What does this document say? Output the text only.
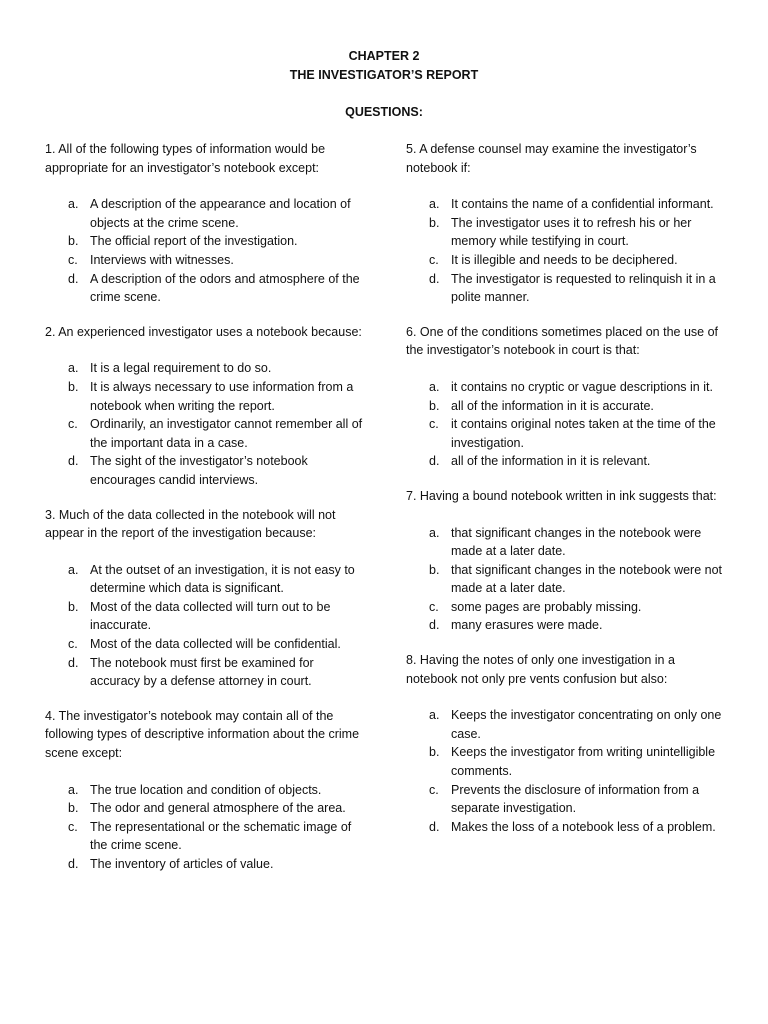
CHAPTER 2
THE INVESTIGATOR’S REPORT
QUESTIONS:
1. All of the following types of information would be appropriate for an investigator’s notebook except:
a. A description of the appearance and location of objects at the crime scene.
b. The official report of the investigation.
c. Interviews with witnesses.
d. A description of the odors and atmosphere of the crime scene.
2. An experienced investigator uses a notebook because:
a. It is a legal requirement to do so.
b. It is always necessary to use information from a notebook when writing the report.
c. Ordinarily, an investigator cannot remember all of the important data in a case.
d. The sight of the investigator’s notebook encourages candid interviews.
3. Much of the data collected in the notebook will not appear in the report of the investigation because:
a. At the outset of an investigation, it is not easy to determine which data is significant.
b. Most of the data collected will turn out to be inaccurate.
c. Most of the data collected will be confidential.
d. The notebook must first be examined for accuracy by a defense attorney in court.
4. The investigator’s notebook may contain all of the following types of descriptive information about the crime scene except:
a. The true location and condition of objects.
b. The odor and general atmosphere of the area.
c. The representational or the schematic image of the crime scene.
d. The inventory of articles of value.
5. A defense counsel may examine the investigator’s notebook if:
a. It contains the name of a confidential informant.
b. The investigator uses it to refresh his or her memory while testifying in court.
c. It is illegible and needs to be deciphered.
d. The investigator is requested to relinquish it in a polite manner.
6. One of the conditions sometimes placed on the use of the investigator’s notebook in court is that:
a. it contains no cryptic or vague descriptions in it.
b. all of the information in it is accurate.
c. it contains original notes taken at the time of the investigation.
d. all of the information in it is relevant.
7. Having a bound notebook written in ink suggests that:
a. that significant changes in the notebook were made at a later date.
b. that significant changes in the notebook were not made at a later date.
c. some pages are probably missing.
d. many erasures were made.
8. Having the notes of only one investigation in a notebook not only pre vents confusion but also:
a. Keeps the investigator concentrating on only one case.
b. Keeps the investigator from writing unintelligible comments.
c. Prevents the disclosure of information from a separate investigation.
d. Makes the loss of a notebook less of a problem.
